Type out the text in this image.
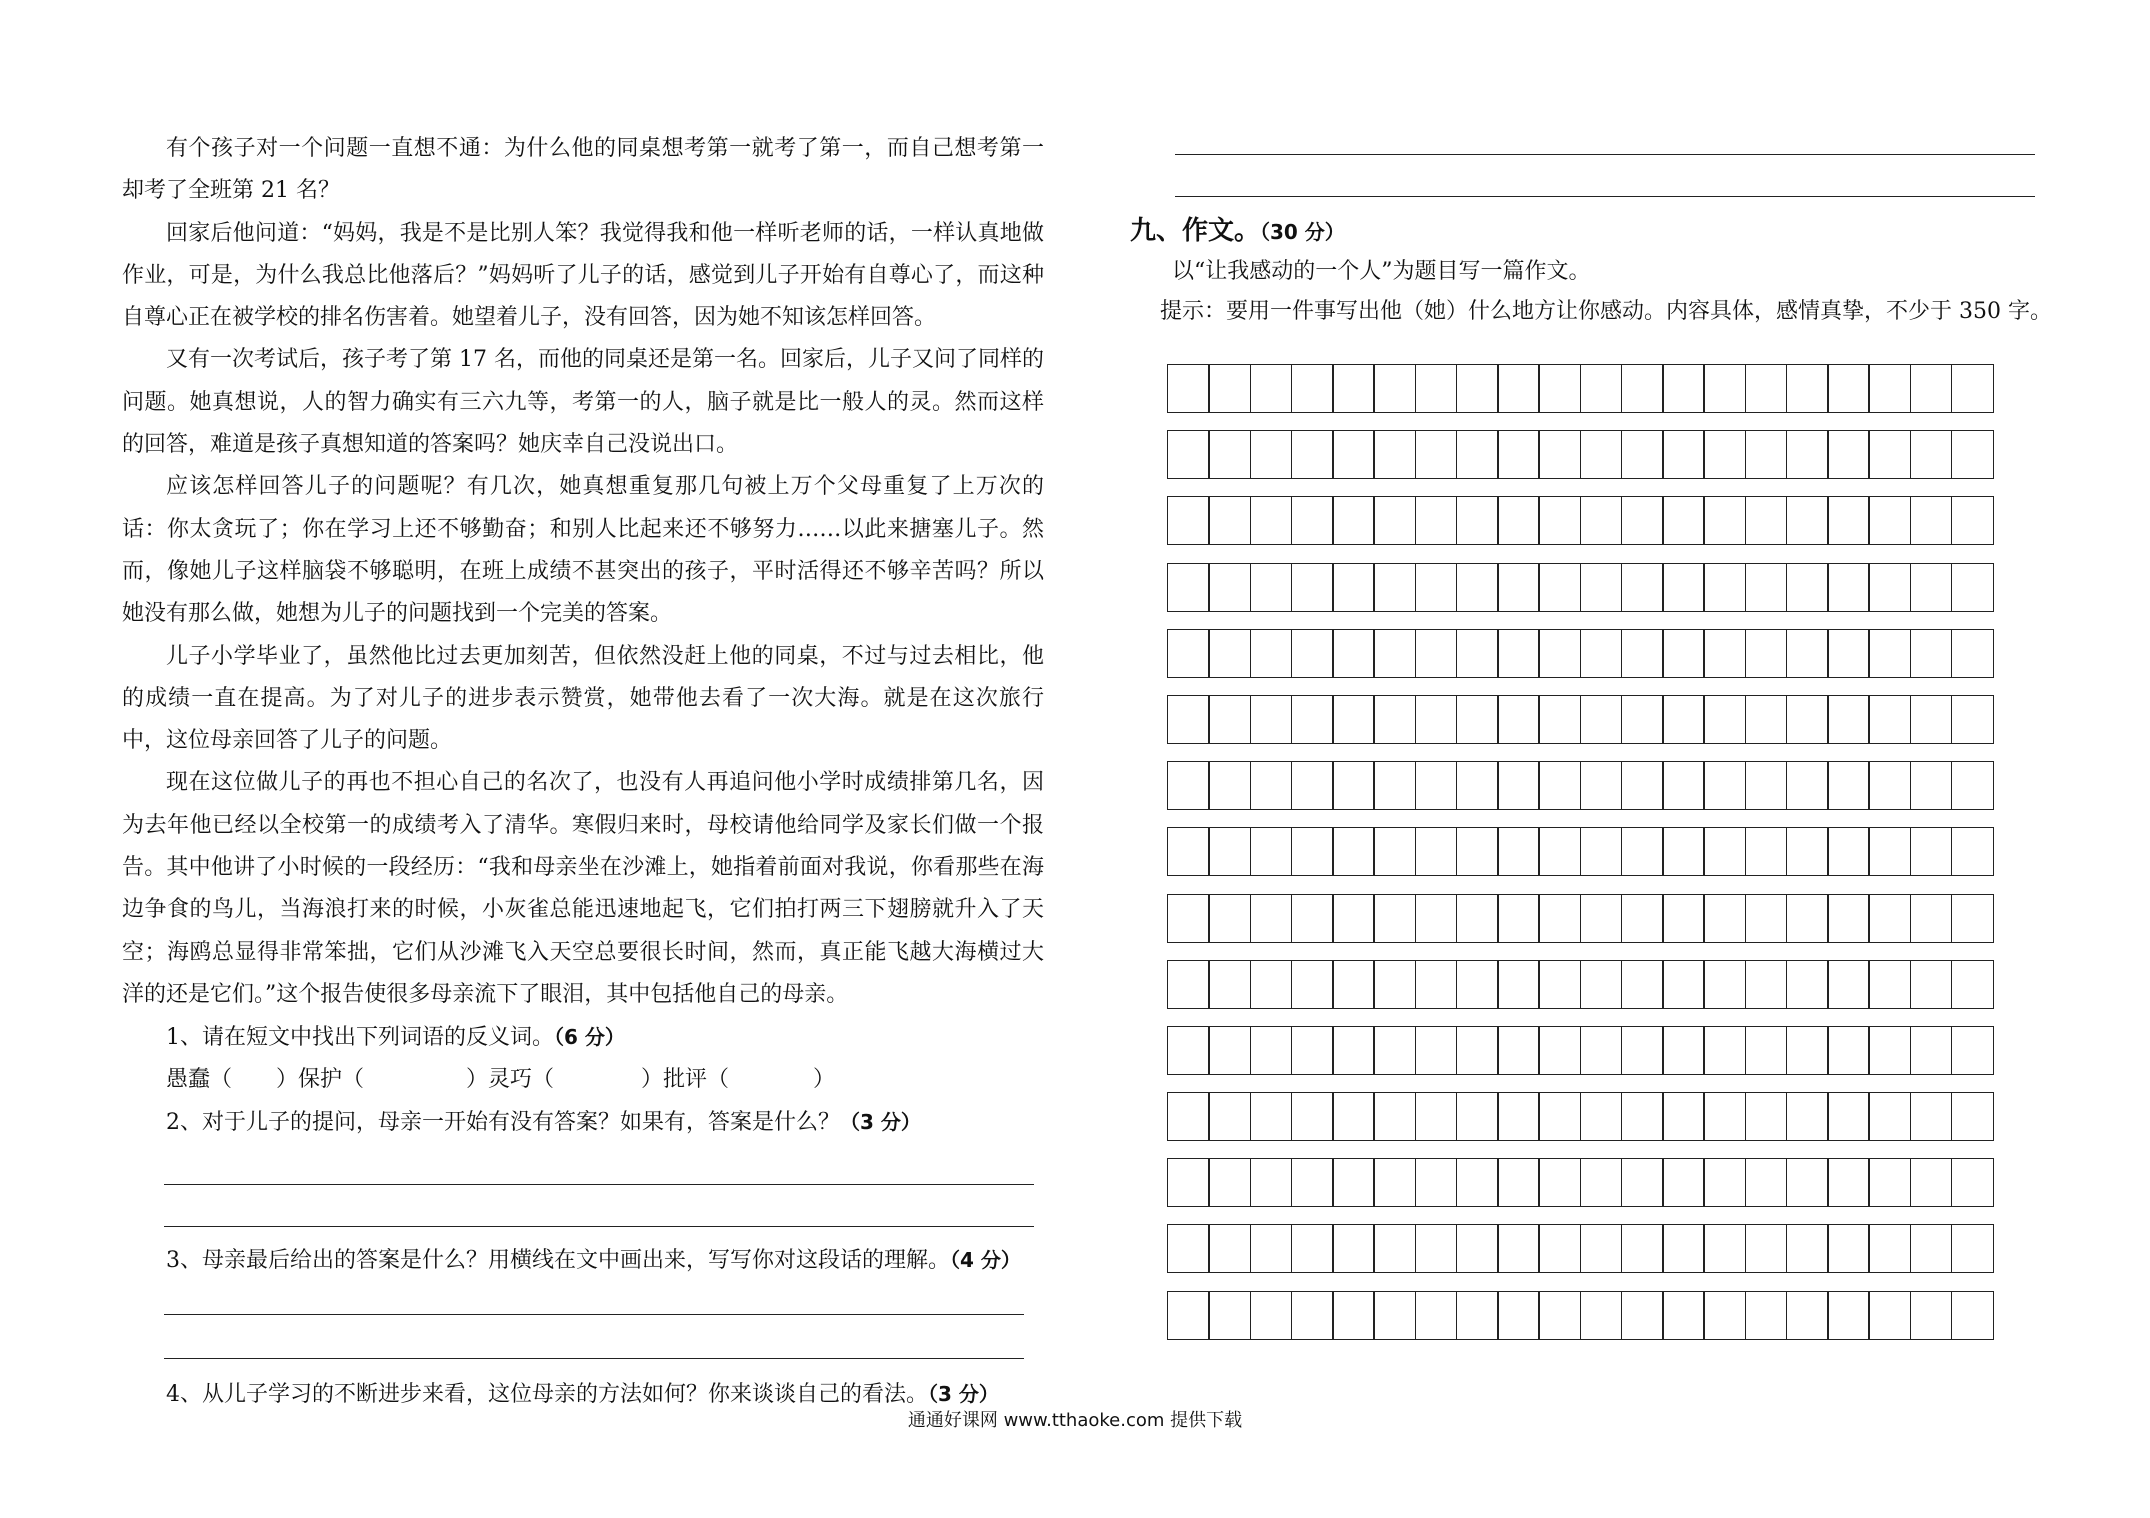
有个孩子对一个问题一直想不通：为什么他的同桌想考第一就考了第一，而自己想考第一却考了全班第 21 名？

回家后他问道：“妈妈，我是不是比别人笨？我觉得我和他一样听老师的话，一样认真地做作业，可是，为什么我总比他落后？”妈妈听了儿子的话，感觉到儿子开始有自尊心了，而这种自尊心正在被学校的排名伤害着。她望着儿子，没有回答，因为她不知该怎样回答。

又有一次考试后，孩子考了第 17 名，而他的同桌还是第一名。回家后，儿子又问了同样的问题。她真想说，人的智力确实有三六九等，考第一的人，脑子就是比一般人的灵。然而这样的回答，难道是孩子真想知道的答案吗？她庆幸自己没说出口。

应该怎样回答儿子的问题呢？有几次，她真想重复那几句被上万个父母重复了上万次的话：你太贪玩了；你在学习上还不够勤奋；和别人比起来还不够努力……以此来搪塞儿子。然而，像她儿子这样脑袋不够聪明，在班上成绩不甚突出的孩子，平时活得还不够辛苦吗？所以她没有那么做，她想为儿子的问题找到一个完美的答案。

儿子小学毕业了，虽然他比过去更加刻苦，但依然没赶上他的同桌，不过与过去相比，他的成绩一直在提高。为了对儿子的进步表示赞赏，她带他去看了一次大海。就是在这次旅行中，这位母亲回答了儿子的问题。

现在这位做儿子的再也不担心自己的名次了，也没有人再追问他小学时成绩排第几名，因为去年他已经以全校第一的成绩考入了清华。寒假归来时，母校请他给同学及家长们做一个报告。其中他讲了小时候的一段经历：“我和母亲坐在沙滩上，她指着前面对我说，你看那些在海边争食的鸟儿，当海浪打来的时候，小灰雀总能迅速地起飞，它们拍打两三下翅膀就升入了天空；海鸥总显得非常笨拙，它们从沙滩飞入天空总要很长时间，然而，真正能飞越大海横过大洋的还是它们。”这个报告使很多母亲流下了眼泪，其中包括他自己的母亲。

1、请在短文中找出下列词语的反义词。（6 分）

愚蠢（	）保护（	）灵巧（	）批评（	）

2、对于儿子的提问，母亲一开始有没有答案？如果有，答案是什么？（3 分）

3、母亲最后给出的答案是什么？用横线在文中画出来，写写你对这段话的理解。（4 分）

4、从儿子学习的不断进步来看，这位母亲的方法如何？你来谈谈自己的看法。（3 分）

九、作文。（30 分）
以“让我感动的一个人”为题目写一篇作文。
提示：要用一件事写出他（她）什么地方让你感动。内容具体，感情真挚，不少于 350 字。
通通好课网 www.tthaoke.com 提供下载
